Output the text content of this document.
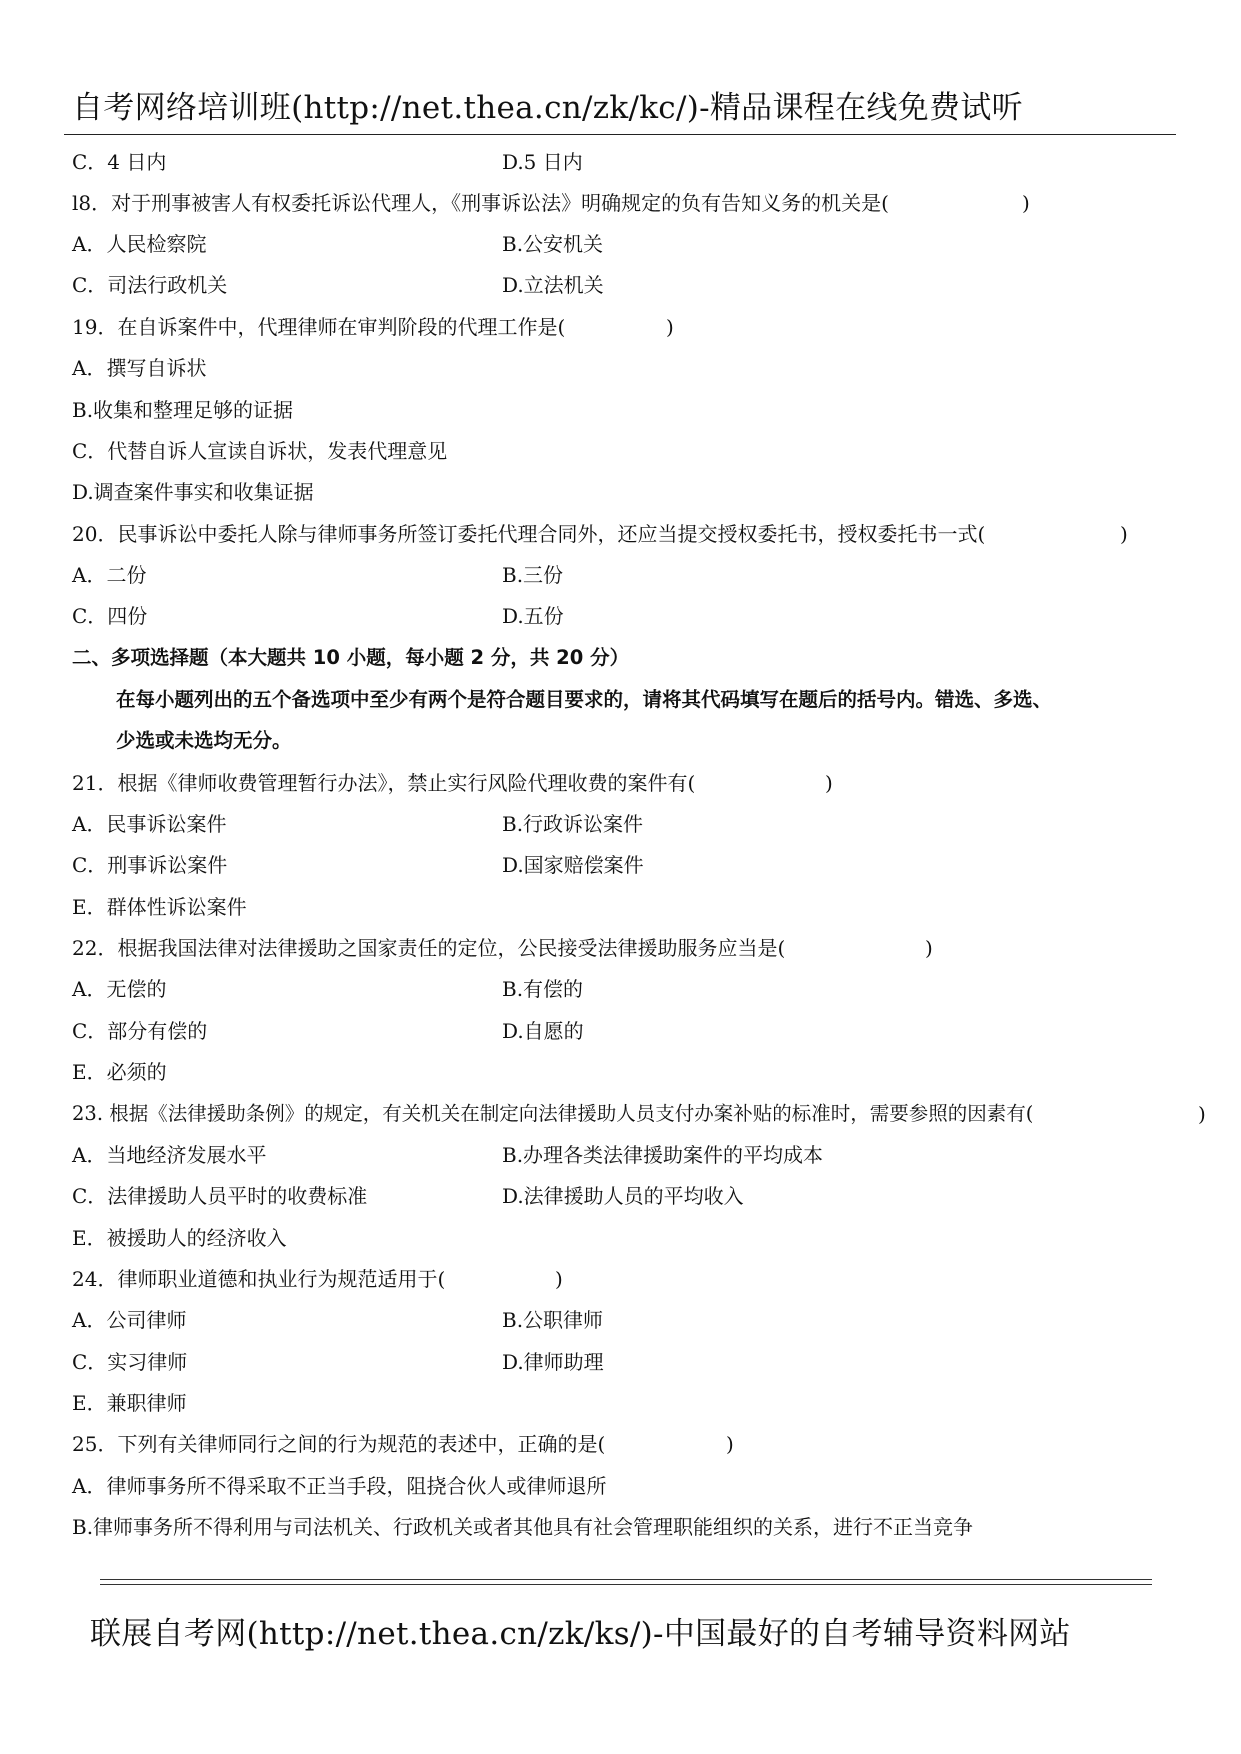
自考网络培训班(http://net.thea.cn/zk/kc/)-精品课程在线免费试听
C．4 日内	D.5 日内
l8．对于刑事被害人有权委托诉讼代理人，《刑事诉讼法》明确规定的负有告知义务的机关是(	)
A．人民检察院	B.公安机关
C．司法行政机关	D.立法机关
19．在自诉案件中，代理律师在审判阶段的代理工作是(	)
A．撰写自诉状
B.收集和整理足够的证据
C．代替自诉人宣读自诉状，发表代理意见
D.调查案件事实和收集证据
20．民事诉讼中委托人除与律师事务所签订委托代理合同外，还应当提交授权委托书，授权委托书一式(	)
A．二份	B.三份
C．四份	D.五份
二、多项选择题（本大题共 10 小题，每小题 2 分，共 20 分）
在每小题列出的五个备选项中至少有两个是符合题目要求的，请将其代码填写在题后的括号内。错选、多选、
少选或未选均无分。
21．根据《律师收费管理暂行办法》，禁止实行风险代理收费的案件有(	)
A．民事诉讼案件	B.行政诉讼案件
C．刑事诉讼案件	D.国家赔偿案件
E．群体性诉讼案件
22．根据我国法律对法律援助之国家责任的定位，公民接受法律援助服务应当是(	)
A．无偿的	B.有偿的
C．部分有偿的	D.自愿的
E．必须的
23. 根据《法律援助条例》的规定，有关机关在制定向法律援助人员支付办案补贴的标准时，需要参照的因素有(	)
A．当地经济发展水平	B.办理各类法律援助案件的平均成本
C．法律援助人员平时的收费标准	D.法律援助人员的平均收入
E．被援助人的经济收入
24．律师职业道德和执业行为规范适用于(	)
A．公司律师	B.公职律师
C．实习律师	D.律师助理
E．兼职律师
25．下列有关律师同行之间的行为规范的表述中，正确的是(	)
A．律师事务所不得采取不正当手段，阻挠合伙人或律师退所
B.律师事务所不得利用与司法机关、行政机关或者其他具有社会管理职能组织的关系，进行不正当竞争
联展自考网(http://net.thea.cn/zk/ks/)-中国最好的自考辅导资料网站
